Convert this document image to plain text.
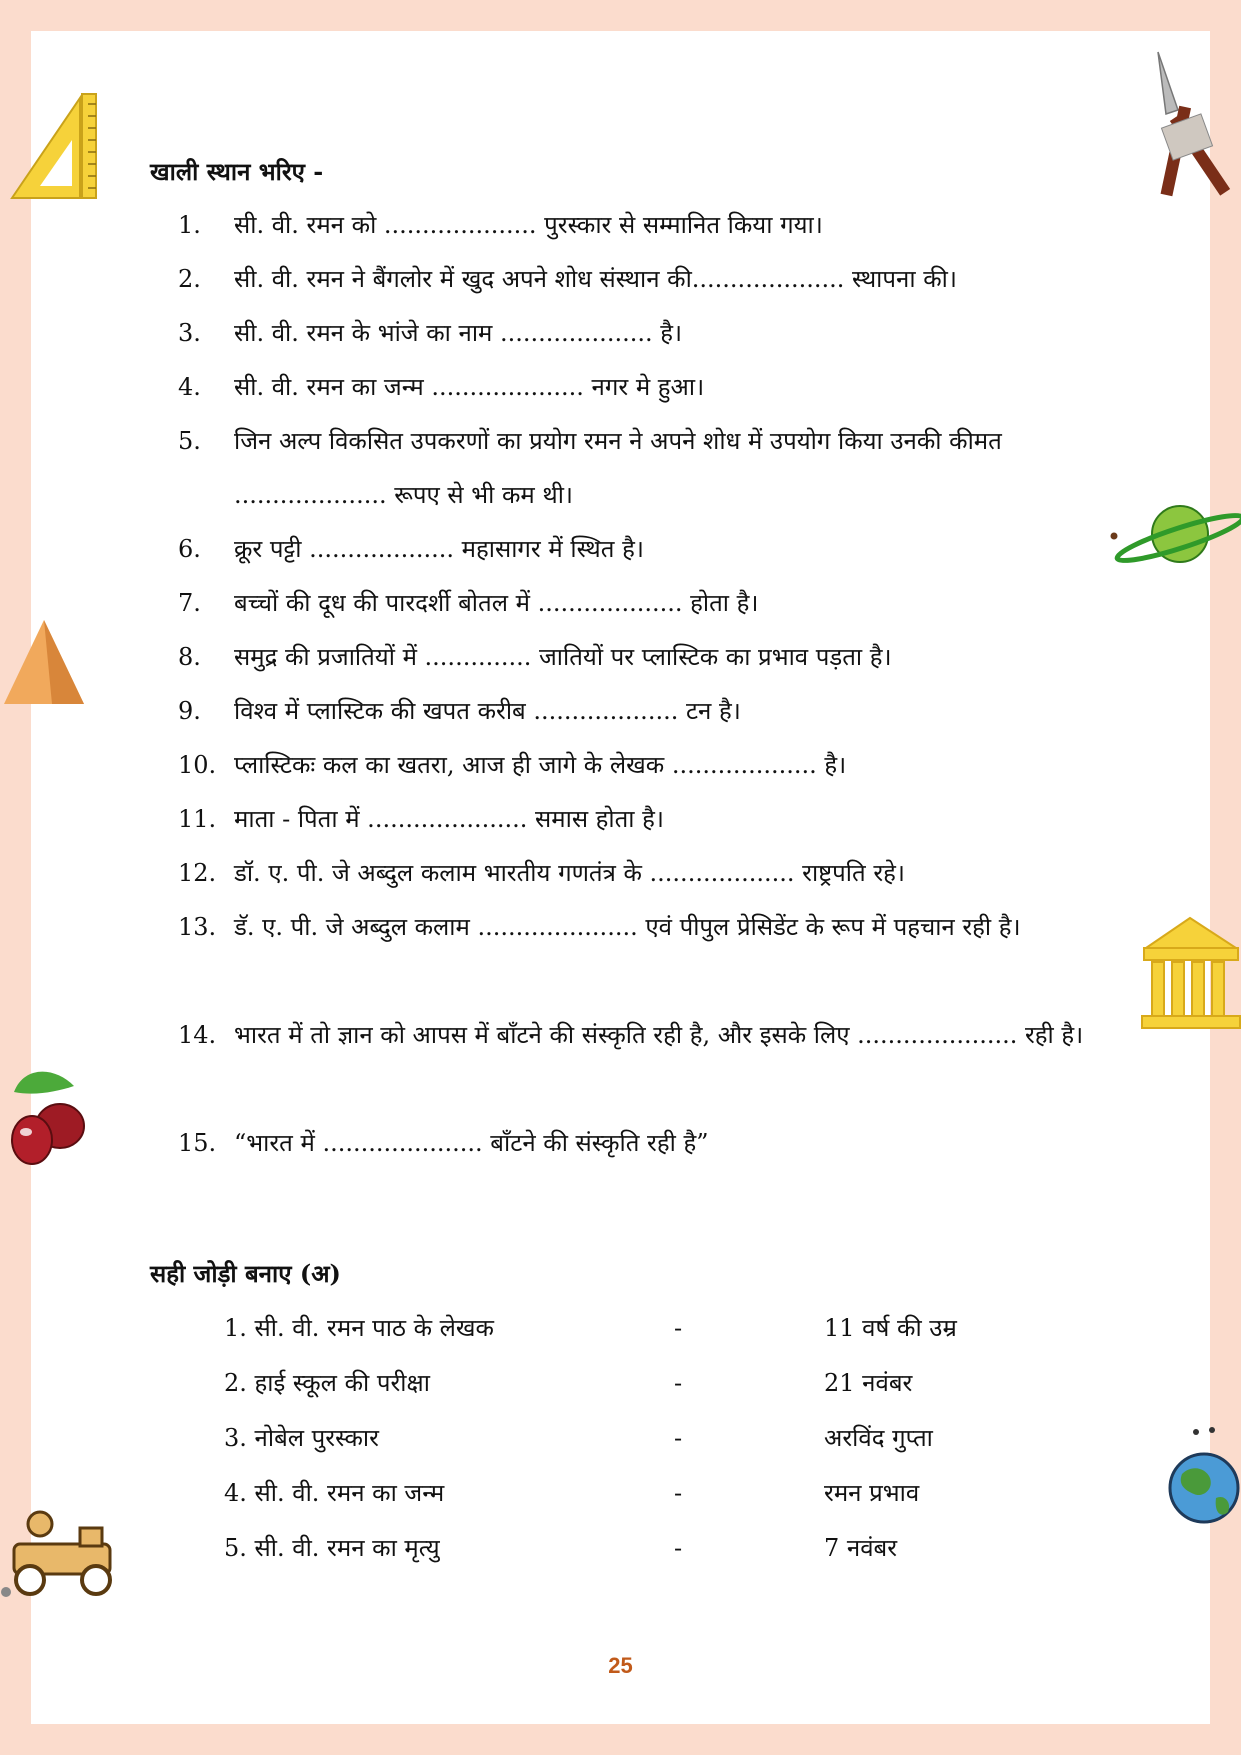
खाली स्थान भरिए -
1.	सी. वी. रमन को .................... पुरस्कार से सम्मानित किया गया।
2.	सी. वी. रमन ने बैंगलोर में खुद अपने शोध संस्थान की.................... स्थापना की।
3.	सी. वी. रमन के भांजे का नाम .................... है।
4.	सी. वी. रमन का जन्म .................... नगर मे हुआ।
5.	जिन अल्प विकसित उपकरणों का प्रयोग रमन ने अपने शोध में उपयोग किया उनकी कीमत .................... रूपए से भी कम थी।
6.	क्रूर पट्टी ................... महासागर में स्थित है।
7.	बच्चों की दूध की पारदर्शी बोतल में ................... होता है।
8.	समुद्र की प्रजातियों में .............. जातियों पर प्लास्टिक का प्रभाव पड़ता है।
9.	विश्व में प्लास्टिक की खपत करीब ................... टन है।
10. प्लास्टिकः कल का खतरा, आज ही जागे के लेखक ................... है।
11. माता - पिता में ..................... समास होता है।
12. डॉ. ए. पी. जे अब्दुल कलाम भारतीय गणतंत्र के ................... राष्ट्रपति रहे।
13. डॅ. ए. पी. जे अब्दुल कलाम ..................... एवं पीपुल प्रेसिडेंट के रूप में पहचान रही है।
14. भारत में तो ज्ञान को आपस में बाँटने की संस्कृति रही है, और इसके लिए ..................... रही है।
15. “भारत में ..................... बाँटने की संस्कृति रही है”
सही जोड़ी बनाए (अ)
1. सी. वी. रमन पाठ के लेखक	-	11 वर्ष की उम्र
2. हाई स्कूल की परीक्षा	-	21 नवंबर
3. नोबेल पुरस्कार	-	अरविंद गुप्ता
4. सी. वी. रमन का जन्म	-	रमन प्रभाव
5. सी. वी. रमन का मृत्यु	-	7 नवंबर
25
